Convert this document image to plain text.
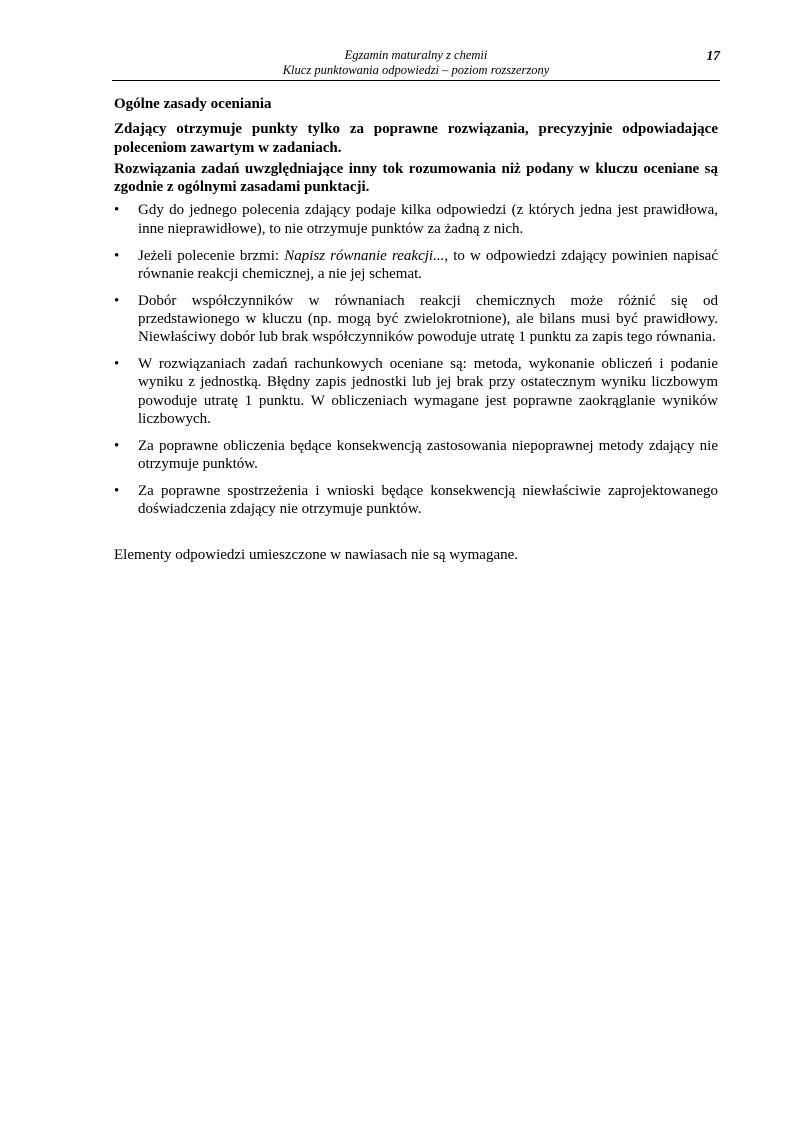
Egzamin maturalny z chemii
Klucz punktowania odpowiedzi – poziom rozszerzony
17
Ogólne zasady oceniania
Zdający otrzymuje punkty tylko za poprawne rozwiązania, precyzyjnie odpowiadające poleceniom zawartym w zadaniach.
Rozwiązania zadań uwzględniające inny tok rozumowania niż podany w kluczu oceniane są zgodnie z ogólnymi zasadami punktacji.
•	Gdy do jednego polecenia zdający podaje kilka odpowiedzi (z których jedna jest prawidłowa, inne nieprawidłowe), to nie otrzymuje punktów za żadną z nich.
•	Jeżeli polecenie brzmi: Napisz równanie reakcji..., to w odpowiedzi zdający powinien napisać równanie reakcji chemicznej, a nie jej schemat.
•	Dobór współczynników w równaniach reakcji chemicznych może różnić się od przedstawionego w kluczu (np. mogą być zwielokrotnione), ale bilans musi być prawidłowy. Niewłaściwy dobór lub brak współczynników powoduje utratę 1 punktu za zapis tego równania.
•	W rozwiązaniach zadań rachunkowych oceniane są: metoda, wykonanie obliczeń i podanie wyniku z jednostką. Błędny zapis jednostki lub jej brak przy ostatecznym wyniku liczbowym powoduje utratę 1 punktu. W obliczeniach wymagane jest poprawne zaokrąglanie wyników liczbowych.
•	Za poprawne obliczenia będące konsekwencją zastosowania niepoprawnej metody zdający nie otrzymuje punktów.
•	Za poprawne spostrzeżenia i wnioski będące konsekwencją niewłaściwie zaprojektowanego doświadczenia zdający nie otrzymuje punktów.
Elementy odpowiedzi umieszczone w nawiasach nie są wymagane.
